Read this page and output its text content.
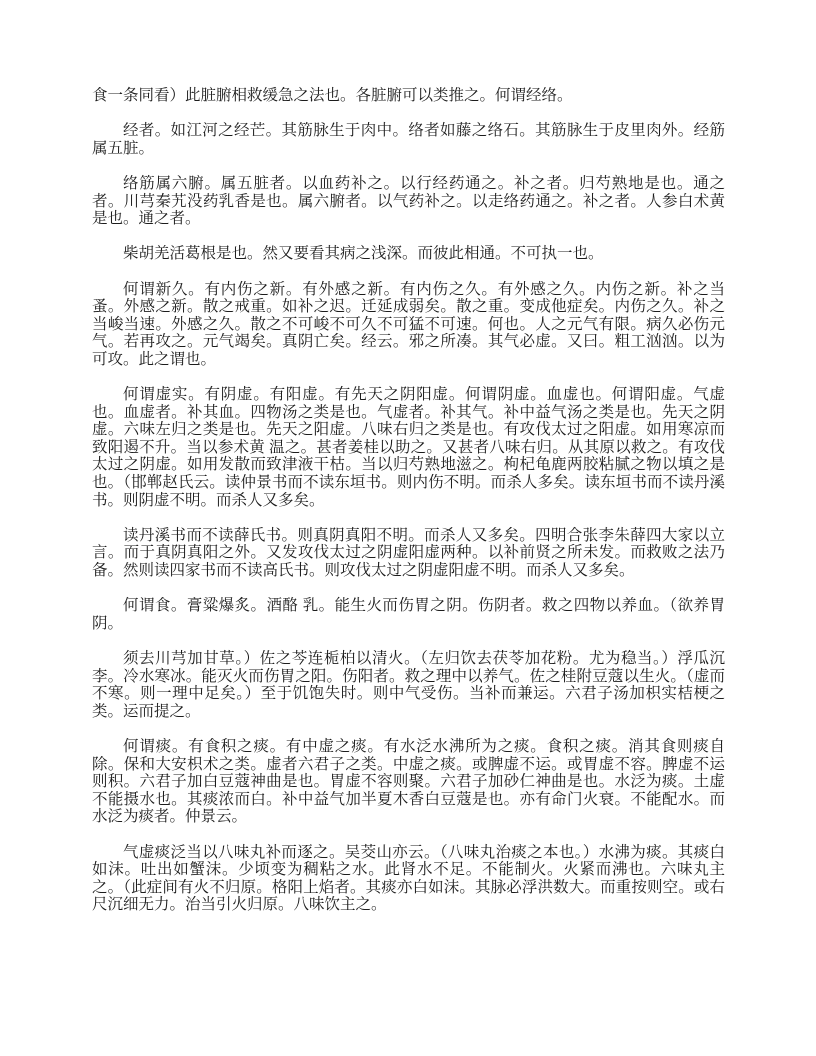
食一条同看）此脏腑相救缓急之法也。各脏腑可以类推之。何谓经络。

经者。如江河之经芒。其筋脉生于肉中。络者如藤之络石。其筋脉生于皮里肉外。经筋属五脏。

络筋属六腑。属五脏者。以血药补之。以行经药通之。补之者。归芍熟地是也。通之者。川芎秦艽没药乳香是也。属六腑者。以气药补之。以走络药通之。补之者。人参白术黄 是也。通之者。

柴胡羌活葛根是也。然又要看其病之浅深。而彼此相通。不可执一也。

何谓新久。有内伤之新。有外感之新。有内伤之久。有外感之久。内伤之新。补之当蚤。外感之新。散之戒重。如补之迟。迁延成弱矣。散之重。变成他症矣。内伤之久。补之当峻当速。外感之久。散之不可峻不可久不可猛不可速。何也。人之元气有限。病久必伤元气。若再攻之。元气竭矣。真阴亡矣。经云。邪之所凑。其气必虚。又曰。粗工汹汹。以为可攻。此之谓也。

何谓虚实。有阴虚。有阳虚。有先天之阴阳虚。何谓阴虚。血虚也。何谓阳虚。气虚也。血虚者。补其血。四物汤之类是也。气虚者。补其气。补中益气汤之类是也。先天之阴虚。六味左归之类是也。先天之阳虚。八味右归之类是也。有攻伐太过之阳虚。如用寒凉而致阳遏不升。当以参术黄 温之。甚者姜桂以助之。又甚者八味右归。从其原以救之。有攻伐太过之阴虚。如用发散而致津液干枯。当以归芍熟地滋之。枸杞龟鹿两胶粘腻之物以填之是也。（邯郸赵氏云。读仲景书而不读东垣书。则内伤不明。而杀人多矣。读东垣书而不读丹溪书。则阴虚不明。而杀人又多矣。

读丹溪书而不读薛氏书。则真阴真阳不明。而杀人又多矣。四明合张李朱薛四大家以立言。而于真阴真阳之外。又发攻伐太过之阴虚阳虚两种。以补前贤之所未发。而救败之法乃备。然则读四家书而不读高氏书。则攻伐太过之阴虚阳虚不明。而杀人又多矣。

何谓食。膏粱爆炙。酒酪 乳。能生火而伤胃之阴。伤阴者。救之四物以养血。（欲养胃阴。

须去川芎加甘草。）佐之芩连栀柏以清火。（左归饮去茯苓加花粉。尤为稳当。）浮瓜沉李。冷水寒冰。能灭火而伤胃之阳。伤阳者。救之理中以养气。佐之桂附豆蔻以生火。（虚而不寒。则一理中足矣。）至于饥饱失时。则中气受伤。当补而兼运。六君子汤加枳实桔梗之类。运而提之。

何谓痰。有食积之痰。有中虚之痰。有水泛水沸所为之痰。食积之痰。消其食则痰自除。保和大安枳术之类。虚者六君子之类。中虚之痰。或脾虚不运。或胃虚不容。脾虚不运则积。六君子加白豆蔻神曲是也。胃虚不容则聚。六君子加砂仁神曲是也。水泛为痰。土虚不能摄水也。其痰浓而白。补中益气加半夏木香白豆蔻是也。亦有命门火衰。不能配水。而水泛为痰者。仲景云。

气虚痰泛当以八味丸补而逐之。吴茭山亦云。（八味丸治痰之本也。）水沸为痰。其痰白如沫。吐出如蟹沫。少顷变为稠粘之水。此肾水不足。不能制火。火紧而沸也。六味丸主之。（此症间有火不归原。格阳上焰者。其痰亦白如沫。其脉必浮洪数大。而重按则空。或右尺沉细无力。治当引火归原。八味饮主之。
